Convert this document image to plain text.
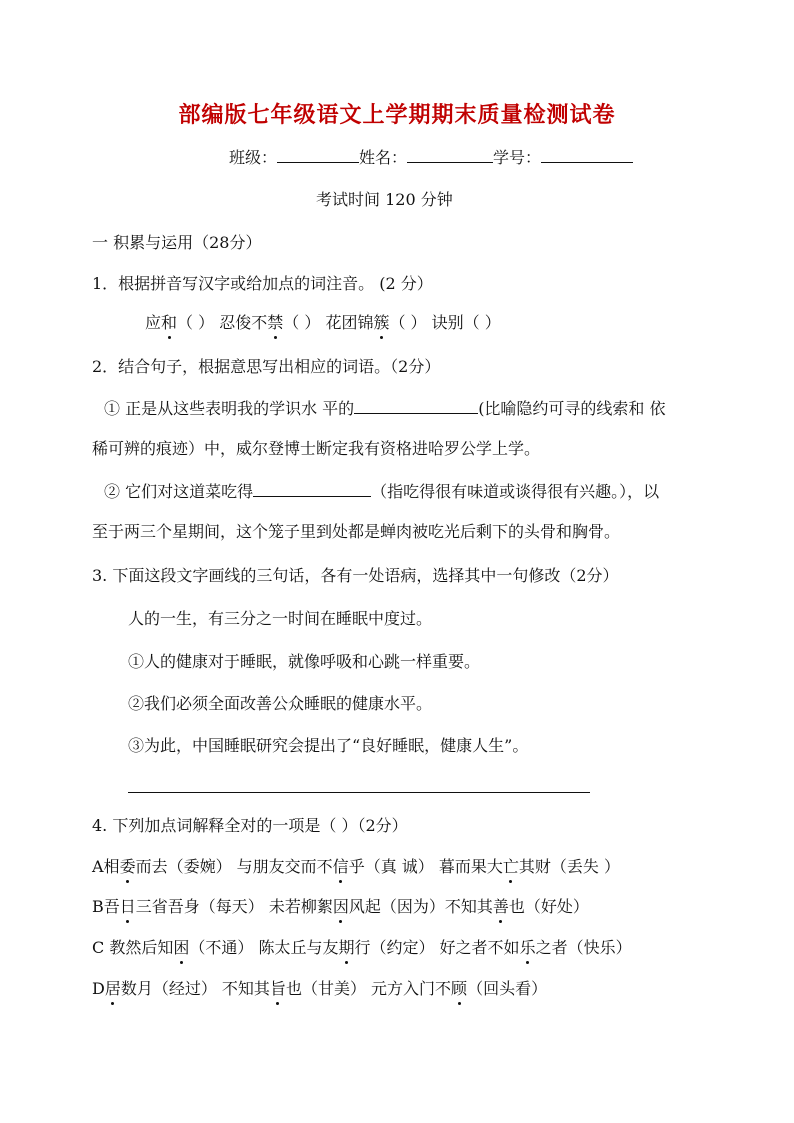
部编版七年级语文上学期期末质量检测试卷
班级：	姓名：	学号：
考试时间 120 分钟
一 积累与运用（28分）
1．根据拼音写汉字或给加点的词注音。 (2 分）
应和（ ） 忍俊不禁（ ） 花团锦簇（ ） 诀别（ ）
2．结合句子，根据意思写出相应的词语。（2分）
① 正是从这些表明我的学识水 平的	(比喻隐约可寻的线索和 依
稀可辨的痕迹）中，威尔登博士断定我有资格进哈罗公学上学。
② 它们对这道菜吃得	（指吃得很有味道或谈得很有兴趣。），以
至于两三个星期间，这个笼子里到处都是蝉肉被吃光后剩下的头骨和胸骨。
3. 下面这段文字画线的三句话，各有一处语病，选择其中一句修改（2分）
人的一生，有三分之一时间在睡眠中度过。
①人的健康对于睡眠，就像呼吸和心跳一样重要。
②我们必须全面改善公众睡眠的健康水平。
③为此，中国睡眠研究会提出了“良好睡眠，健康人生”。
4. 下列加点词解释全对的一项是（ ）（2分）
A相委而去（委婉） 与朋友交而不信乎（真 诚） 暮而果大亡其财（丢失 ）
B吾日三省吾身（每天） 未若柳絮因风起（因为）不知其善也（好处）
C 教然后知困（不通） 陈太丘与友期行（约定） 好之者不如乐之者（快乐）
D居数月（经过） 不知其旨也（甘美） 元方入门不顾（回头看）
